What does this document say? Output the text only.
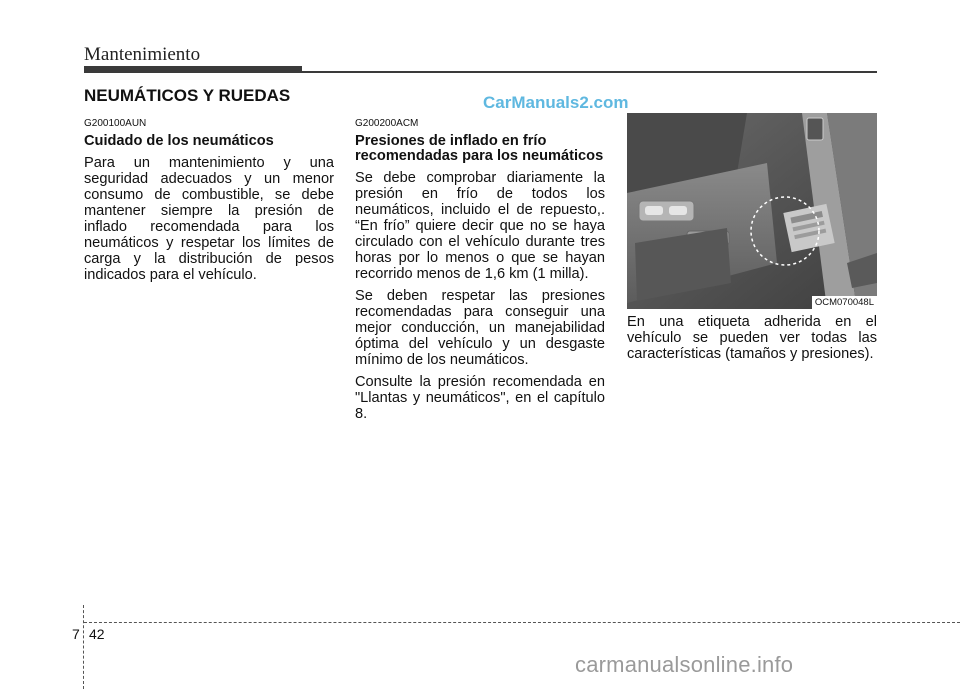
Mantenimiento
NEUMÁTICOS Y RUEDAS	CarManuals2.com
G200100AUN
Cuidado de los neumáticos
Para un mantenimiento y una seguridad adecuados y un menor consumo de combustible, se debe mantener siempre la presión de inflado recomendada para los neumáticos y respetar los límites de carga y la distribución de pesos indicados para el vehículo.
G200200ACM
Presiones de inflado en frío recomendadas para los neumáticos
Se debe comprobar diariamente la presión en frío de todos los neumáticos, incluido el de repuesto,. “En frío” quiere decir que no se haya circulado con el vehículo durante tres horas por lo menos o que se hayan recorrido menos de 1,6 km (1 milla).
Se deben respetar las presiones recomendadas para conseguir una mejor conducción, un manejabilidad óptima del vehículo y un desgaste mínimo de los neumáticos.
Consulte la presión recomendada en "Llantas y neumáticos", en el capítulo 8.
OCM070048L
En una etiqueta adherida en el vehículo se pueden ver todas las características (tamaños y presiones).
7 42
carmanualsonline.info
